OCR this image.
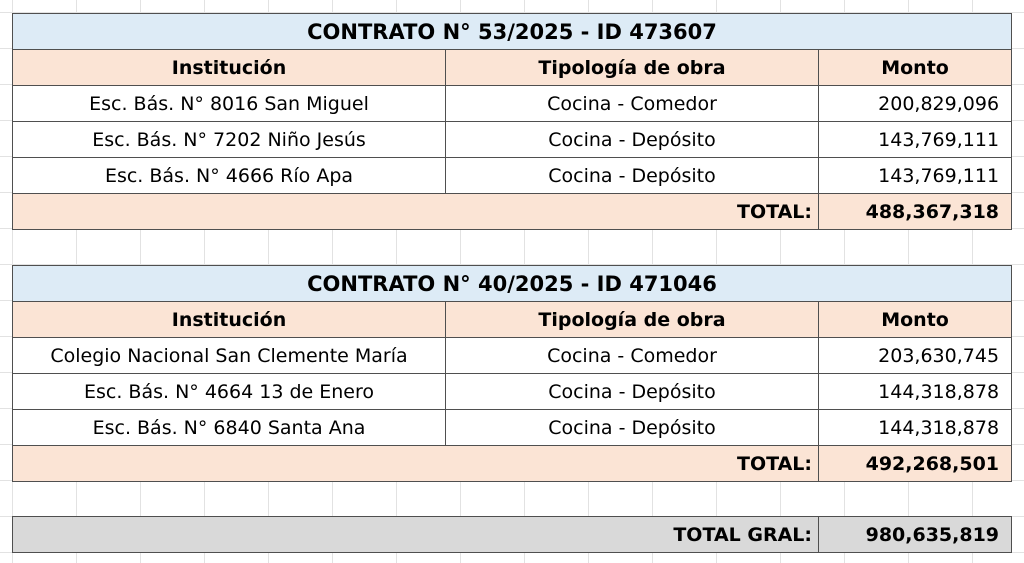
CONTRATO N° 53/2025 - ID 473607		
Institución	Tipología de obra	Monto
Esc. Bás. N° 8016 San Miguel	Cocina - Comedor	200,829,096
Esc. Bás. N° 7202 Niño Jesús	Cocina - Depósito	143,769,111
Esc. Bás. N° 4666 Río Apa	Cocina - Depósito	143,769,111
TOTAL:		488,367,318
CONTRATO N° 40/2025 - ID 471046		
Institución	Tipología de obra	Monto
Colegio Nacional San Clemente María	Cocina - Comedor	203,630,745
Esc. Bás. N° 4664 13 de Enero	Cocina - Depósito	144,318,878
Esc. Bás. N° 6840 Santa Ana	Cocina - Depósito	144,318,878
TOTAL:		492,268,501
TOTAL GRAL:	980,635,819
